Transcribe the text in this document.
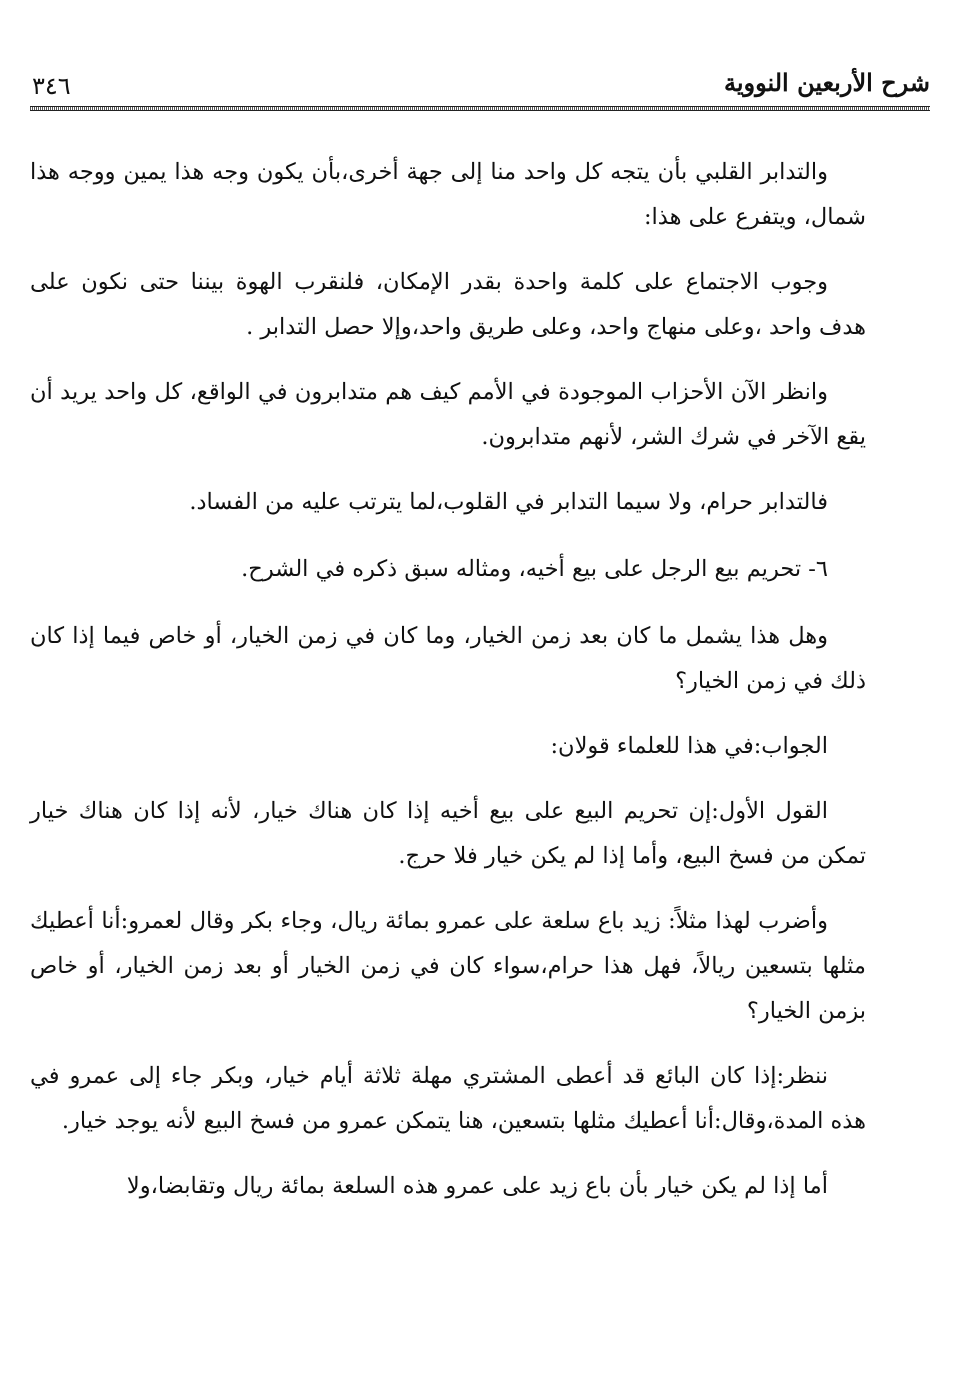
شرح الأربعين النووية
٣٤٦

والتدابر القلبي بأن يتجه كل واحد منا إلى جهة أخرى،بأن يكون وجه هذا يمين ووجه هذا شمال، ويتفرع على هذا:

وجوب الاجتماع على كلمة واحدة بقدر الإمكان، فلنقرب الهوة بيننا حتى نكون على هدف واحد ،وعلى منهاج واحد، وعلى طريق واحد،وإلا حصل التدابر .

وانظر الآن الأحزاب الموجودة في الأمم كيف هم متدابرون في الواقع، كل واحد يريد أن يقع الآخر في شرك الشر، لأنهم متدابرون.

فالتدابر حرام، ولا سيما التدابر في القلوب،لما يترتب عليه من الفساد.

٦- تحريم بيع الرجل على بيع أخيه، ومثاله سبق ذكره في الشرح.

وهل هذا يشمل ما كان بعد زمن الخيار، وما كان في زمن الخيار، أو خاص فيما إذا كان ذلك في زمن الخيار؟

الجواب:في هذا للعلماء قولان:

القول الأول:إن تحريم البيع على بيع أخيه إذا كان هناك خيار، لأنه إذا كان هناك خيار تمكن من فسخ البيع، وأما إذا لم يكن خيار فلا حرج.

وأضرب لهذا مثلاً: زيد باع سلعة على عمرو بمائة ريال، وجاء بكر وقال لعمرو:أنا أعطيك مثلها بتسعين ريالاً، فهل هذا حرام،سواء كان في زمن الخيار أو بعد زمن الخيار، أو خاص بزمن الخيار؟

ننظر:إذا كان البائع قد أعطى المشتري مهلة ثلاثة أيام خيار، وبكر جاء إلى عمرو في هذه المدة،وقال:أنا أعطيك مثلها بتسعين، هنا يتمكن عمرو من فسخ البيع لأنه يوجد خيار.

أما إذا لم يكن خيار بأن باع زيد على عمرو هذه السلعة بمائة ريال وتقابضا،ولا
